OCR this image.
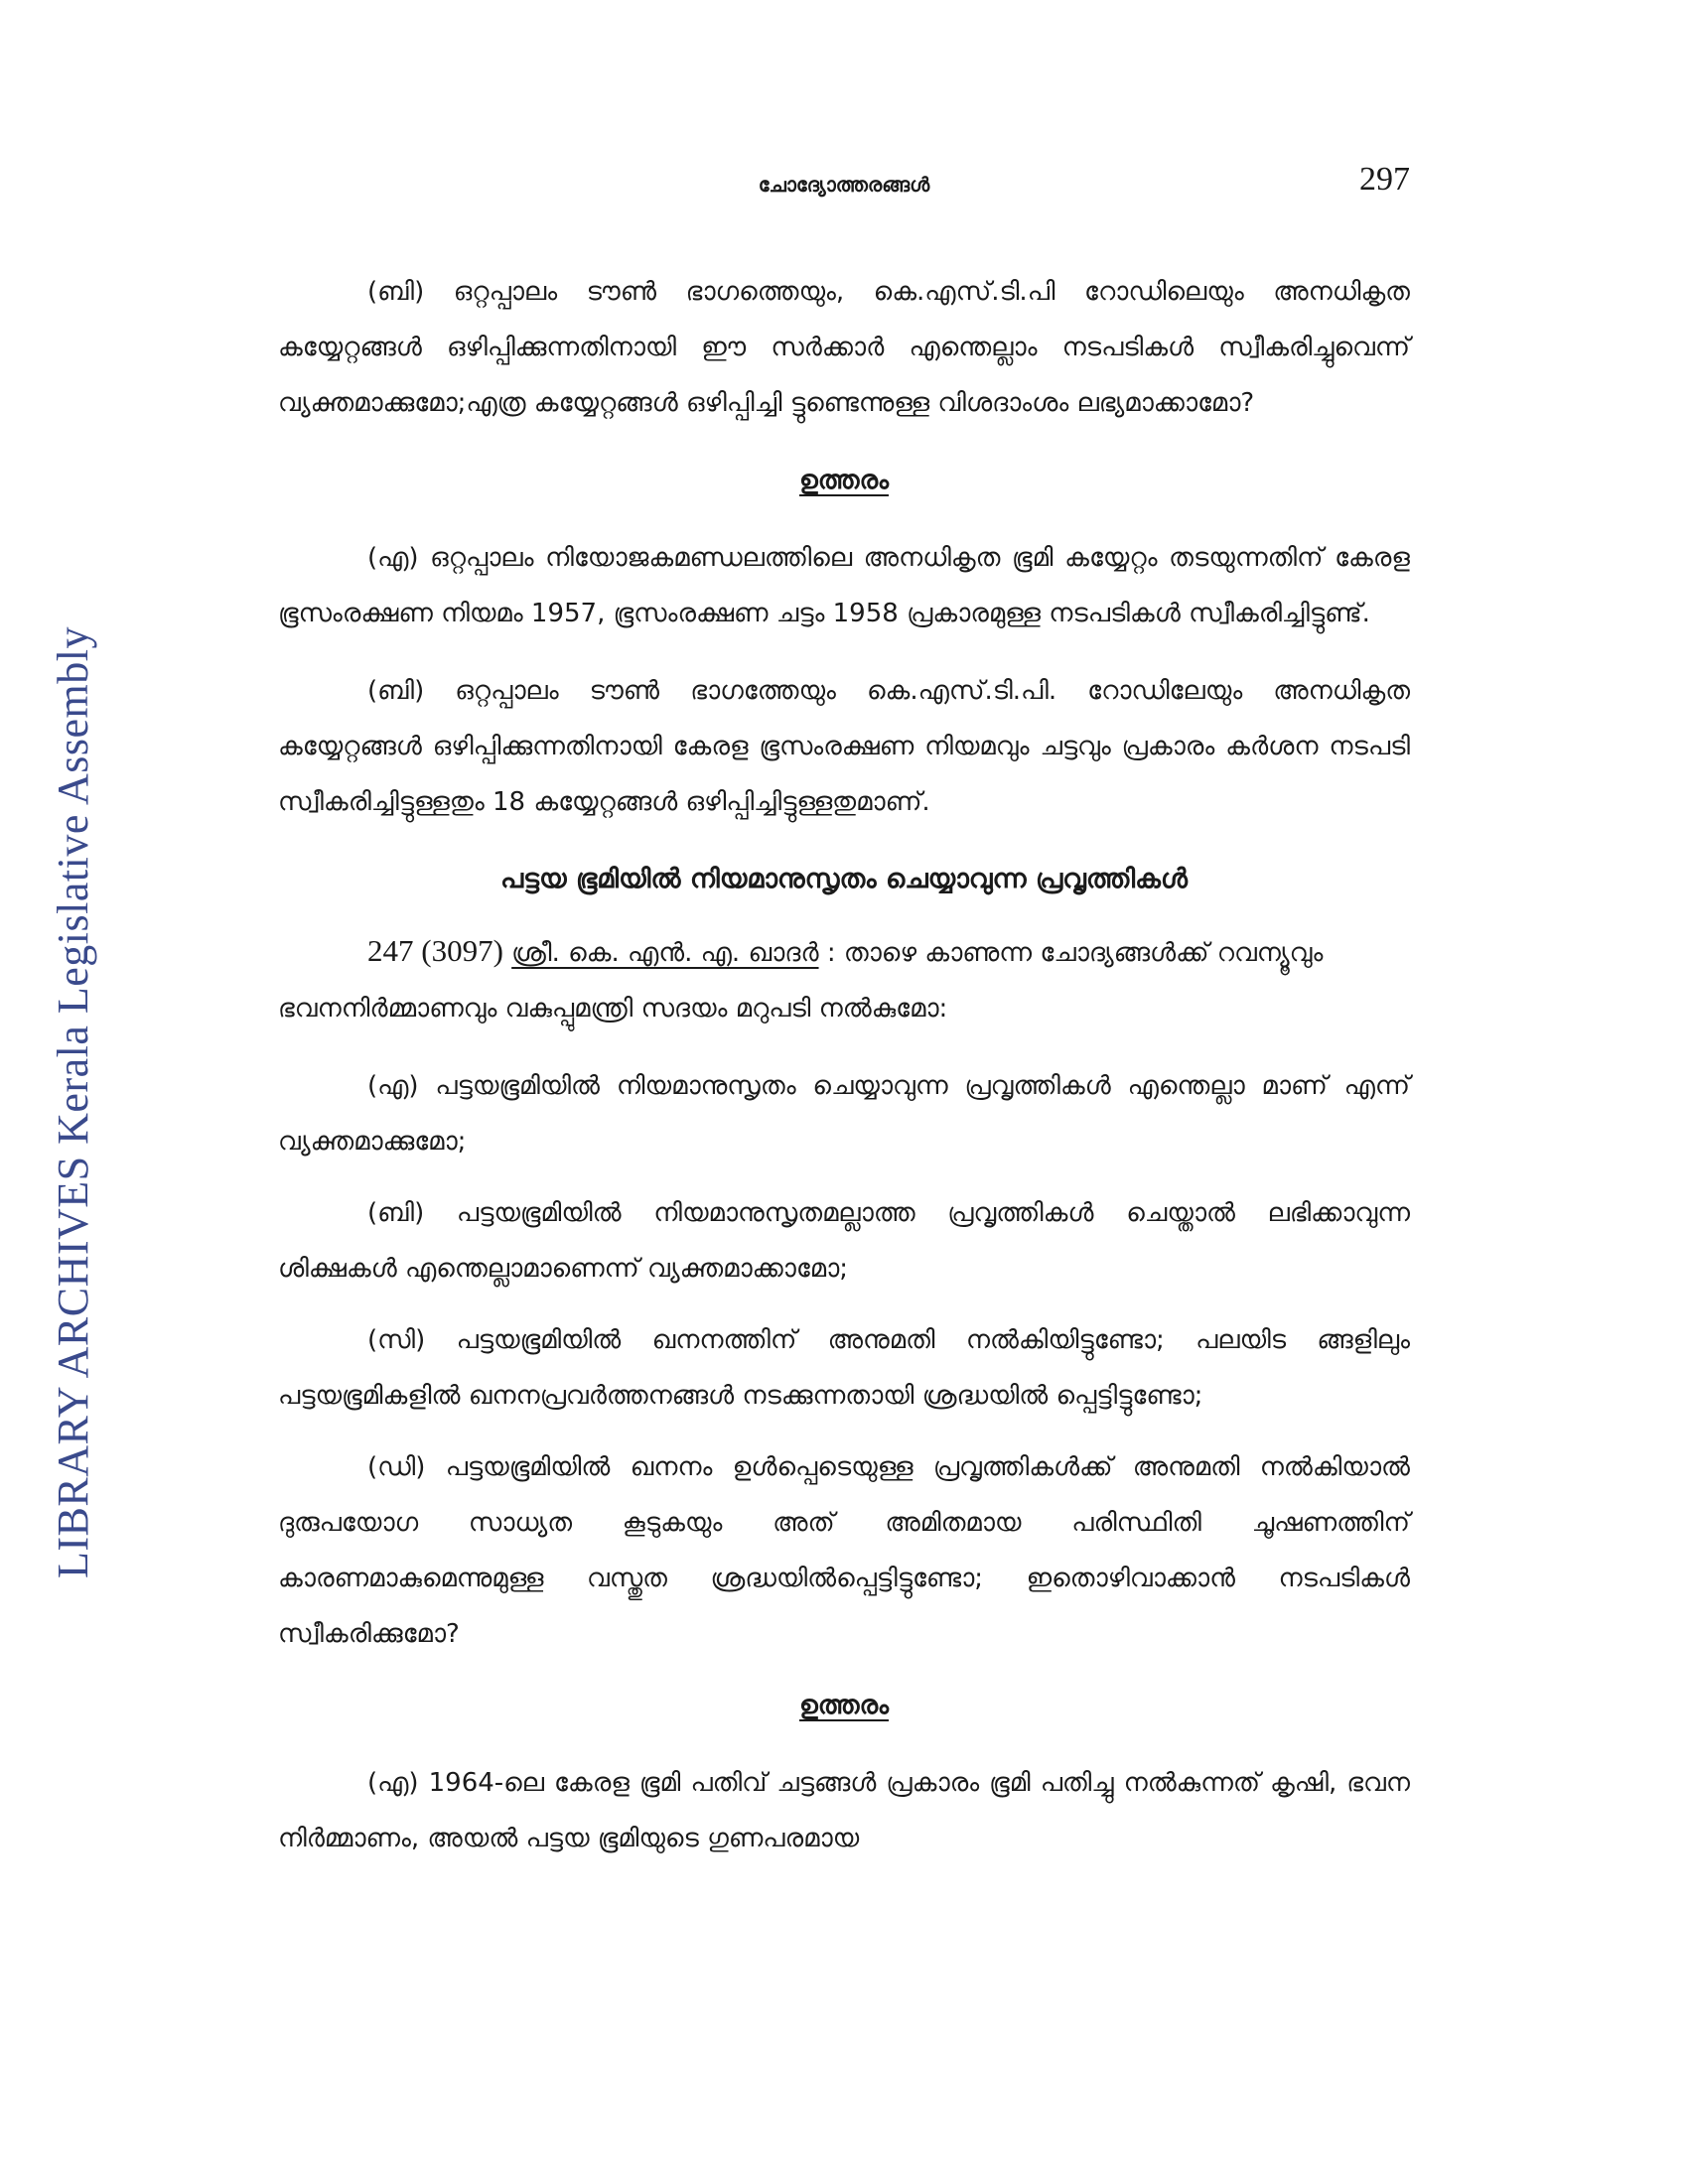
LIBRARY ARCHIVES Kerala Legislative Assembly
ചോദ്യോത്തരങ്ങൾ	297

(ബി) ഒറ്റപ്പാലം ടൗൺ ഭാഗത്തെയും, കെ.എസ്.ടി.പി റോഡിലെയും അനധികൃത കയ്യേറ്റങ്ങൾ ഒഴിപ്പിക്കുന്നതിനായി ഈ സർക്കാർ എന്തെല്ലാം നടപടികൾ സ്വീകരിച്ചുവെന്ന് വ്യക്തമാക്കുമോ;എത്ര കയ്യേറ്റങ്ങൾ ഒഴിപ്പിച്ചി ട്ടുണ്ടെന്നുള്ള വിശദാംശം ലഭ്യമാക്കാമോ?

ഉത്തരം

(എ) ഒറ്റപ്പാലം നിയോജകമണ്ഡലത്തിലെ അനധികൃത ഭൂമി കയ്യേറ്റം തടയുന്നതിന് കേരള ഭൂസംരക്ഷണ നിയമം 1957, ഭൂസംരക്ഷണ ചട്ടം 1958 പ്രകാരമുള്ള നടപടികൾ സ്വീകരിച്ചിട്ടുണ്ട്.

(ബി) ഒറ്റപ്പാലം ടൗൺ ഭാഗത്തേയും കെ.എസ്.ടി.പി. റോഡിലേയും അനധികൃത കയ്യേറ്റങ്ങൾ ഒഴിപ്പിക്കുന്നതിനായി കേരള ഭൂസംരക്ഷണ നിയമവും ചട്ടവും പ്രകാരം കർശന നടപടി സ്വീകരിച്ചിട്ടുള്ളതും 18 കയ്യേറ്റങ്ങൾ ഒഴിപ്പിച്ചിട്ടുള്ളതുമാണ്.

പട്ടയ ഭൂമിയിൽ നിയമാനുസൃതം ചെയ്യാവുന്ന പ്രവൃത്തികൾ

247 (3097) ശ്രീ. കെ. എൻ. എ. ഖാദർ : താഴെ കാണുന്ന ചോദ്യങ്ങൾക്ക് റവന്യൂവും ഭവനനിർമ്മാണവും വകുപ്പുമന്ത്രി സദയം മറുപടി നൽകുമോ:

(എ) പട്ടയഭൂമിയിൽ നിയമാനുസൃതം ചെയ്യാവുന്ന പ്രവൃത്തികൾ എന്തെല്ലാ മാണ് എന്ന് വ്യക്തമാക്കുമോ;

(ബി) പട്ടയഭൂമിയിൽ നിയമാനുസൃതമല്ലാത്ത പ്രവൃത്തികൾ ചെയ്താൽ ലഭിക്കാവുന്ന ശിക്ഷകൾ എന്തെല്ലാമാണെന്ന് വ്യക്തമാക്കാമോ;

(സി) പട്ടയഭൂമിയിൽ ഖനനത്തിന് അനുമതി നൽകിയിട്ടുണ്ടോ; പലയിട ങ്ങളിലും പട്ടയഭൂമികളിൽ ഖനനപ്രവർത്തനങ്ങൾ നടക്കുന്നതായി ശ്രദ്ധയിൽ പ്പെട്ടിട്ടുണ്ടോ;

(ഡി) പട്ടയഭൂമിയിൽ ഖനനം ഉൾപ്പെടെയുള്ള പ്രവൃത്തികൾക്ക് അനുമതി നൽകിയാൽ ദുരുപയോഗ സാധ്യത കൂടുകയും അത് അമിതമായ പരിസ്ഥിതി ചൂഷണത്തിന് കാരണമാകുമെന്നുമുള്ള വസ്തുത ശ്രദ്ധയിൽപ്പെട്ടിട്ടുണ്ടോ; ഇതൊഴിവാക്കാൻ നടപടികൾ സ്വീകരിക്കുമോ?

ഉത്തരം

(എ) 1964-ലെ കേരള ഭൂമി പതിവ് ചട്ടങ്ങൾ പ്രകാരം ഭൂമി പതിച്ചു നൽകുന്നത് കൃഷി, ഭവന നിർമ്മാണം, അയൽ പട്ടയ ഭൂമിയുടെ ഗുണപരമായ
